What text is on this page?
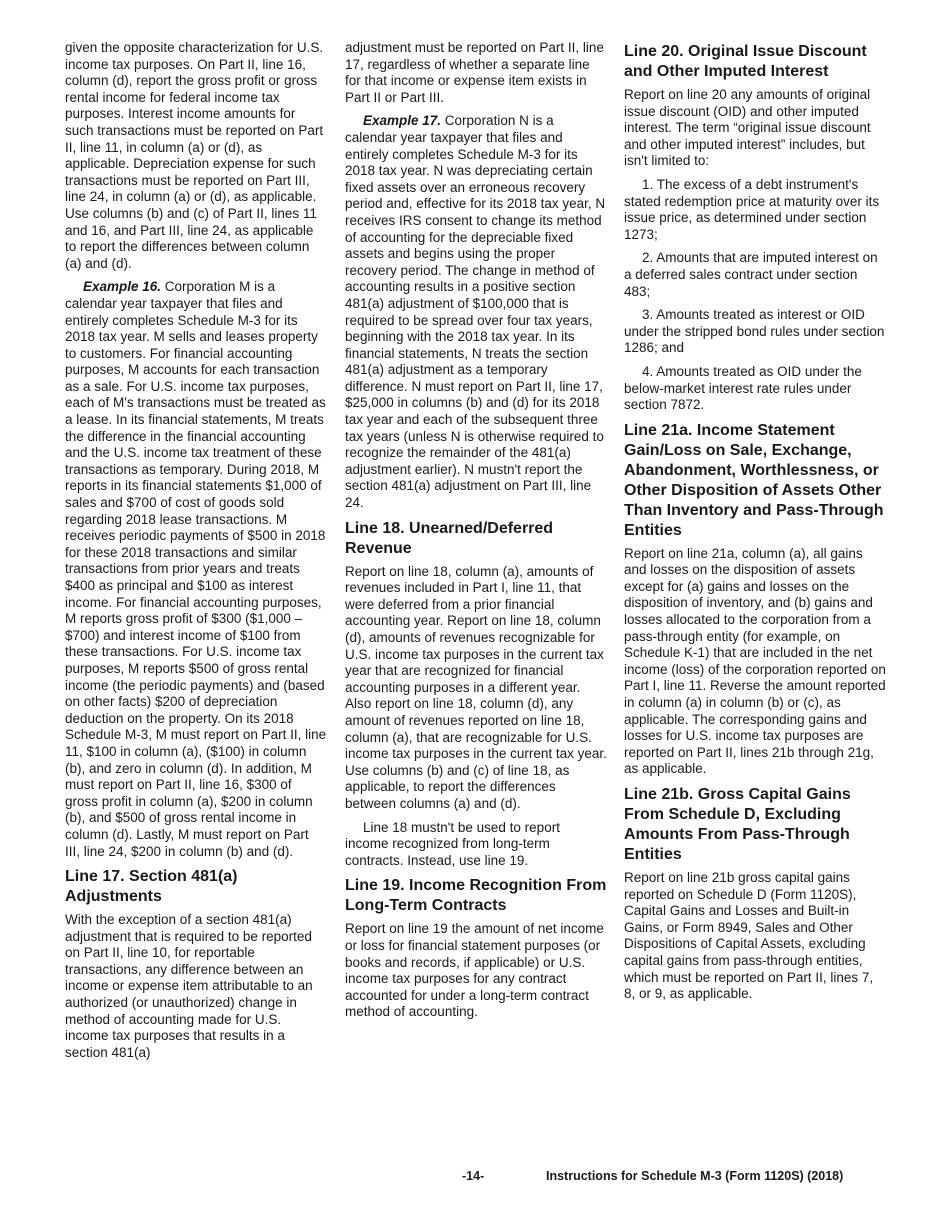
given the opposite characterization for U.S. income tax purposes. On Part II, line 16, column (d), report the gross profit or gross rental income for federal income tax purposes. Interest income amounts for such transactions must be reported on Part II, line 11, in column (a) or (d), as applicable. Depreciation expense for such transactions must be reported on Part III, line 24, in column (a) or (d), as applicable. Use columns (b) and (c) of Part II, lines 11 and 16, and Part III, line 24, as applicable to report the differences between column (a) and (d).

Example 16. Corporation M is a calendar year taxpayer that files and entirely completes Schedule M-3 for its 2018 tax year. M sells and leases property to customers. For financial accounting purposes, M accounts for each transaction as a sale. For U.S. income tax purposes, each of M's transactions must be treated as a lease. In its financial statements, M treats the difference in the financial accounting and the U.S. income tax treatment of these transactions as temporary. During 2018, M reports in its financial statements $1,000 of sales and $700 of cost of goods sold regarding 2018 lease transactions. M receives periodic payments of $500 in 2018 for these 2018 transactions and similar transactions from prior years and treats $400 as principal and $100 as interest income. For financial accounting purposes, M reports gross profit of $300 ($1,000 – $700) and interest income of $100 from these transactions. For U.S. income tax purposes, M reports $500 of gross rental income (the periodic payments) and (based on other facts) $200 of depreciation deduction on the property. On its 2018 Schedule M-3, M must report on Part II, line 11, $100 in column (a), ($100) in column (b), and zero in column (d). In addition, M must report on Part II, line 16, $300 of gross profit in column (a), $200 in column (b), and $500 of gross rental income in column (d). Lastly, M must report on Part III, line 24, $200 in column (b) and (d).

Line 17. Section 481(a) Adjustments

With the exception of a section 481(a) adjustment that is required to be reported on Part II, line 10, for reportable transactions, any difference between an income or expense item attributable to an authorized (or unauthorized) change in method of accounting made for U.S. income tax purposes that results in a section 481(a)

adjustment must be reported on Part II, line 17, regardless of whether a separate line for that income or expense item exists in Part II or Part III.

Example 17. Corporation N is a calendar year taxpayer that files and entirely completes Schedule M-3 for its 2018 tax year. N was depreciating certain fixed assets over an erroneous recovery period and, effective for its 2018 tax year, N receives IRS consent to change its method of accounting for the depreciable fixed assets and begins using the proper recovery period. The change in method of accounting results in a positive section 481(a) adjustment of $100,000 that is required to be spread over four tax years, beginning with the 2018 tax year. In its financial statements, N treats the section 481(a) adjustment as a temporary difference. N must report on Part II, line 17, $25,000 in columns (b) and (d) for its 2018 tax year and each of the subsequent three tax years (unless N is otherwise required to recognize the remainder of the 481(a) adjustment earlier). N mustn't report the section 481(a) adjustment on Part III, line 24.

Line 18. Unearned/Deferred Revenue

Report on line 18, column (a), amounts of revenues included in Part I, line 11, that were deferred from a prior financial accounting year. Report on line 18, column (d), amounts of revenues recognizable for U.S. income tax purposes in the current tax year that are recognized for financial accounting purposes in a different year. Also report on line 18, column (d), any amount of revenues reported on line 18, column (a), that are recognizable for U.S. income tax purposes in the current tax year. Use columns (b) and (c) of line 18, as applicable, to report the differences between columns (a) and (d).

Line 18 mustn't be used to report income recognized from long-term contracts. Instead, use line 19.

Line 19. Income Recognition From Long-Term Contracts

Report on line 19 the amount of net income or loss for financial statement purposes (or books and records, if applicable) or U.S. income tax purposes for any contract accounted for under a long-term contract method of accounting.

Line 20. Original Issue Discount and Other Imputed Interest

Report on line 20 any amounts of original issue discount (OID) and other imputed interest. The term “original issue discount and other imputed interest” includes, but isn't limited to:

1. The excess of a debt instrument's stated redemption price at maturity over its issue price, as determined under section 1273;

2. Amounts that are imputed interest on a deferred sales contract under section 483;

3. Amounts treated as interest or OID under the stripped bond rules under section 1286; and

4. Amounts treated as OID under the below-market interest rate rules under section 7872.

Line 21a. Income Statement Gain/Loss on Sale, Exchange, Abandonment, Worthlessness, or Other Disposition of Assets Other Than Inventory and Pass-Through Entities

Report on line 21a, column (a), all gains and losses on the disposition of assets except for (a) gains and losses on the disposition of inventory, and (b) gains and losses allocated to the corporation from a pass-through entity (for example, on Schedule K-1) that are included in the net income (loss) of the corporation reported on Part I, line 11. Reverse the amount reported in column (a) in column (b) or (c), as applicable. The corresponding gains and losses for U.S. income tax purposes are reported on Part II, lines 21b through 21g, as applicable.

Line 21b. Gross Capital Gains From Schedule D, Excluding Amounts From Pass-Through Entities

Report on line 21b gross capital gains reported on Schedule D (Form 1120S), Capital Gains and Losses and Built-in Gains, or Form 8949, Sales and Other Dispositions of Capital Assets, excluding capital gains from pass-through entities, which must be reported on Part II, lines 7, 8, or 9, as applicable.

-14-	Instructions for Schedule M-3 (Form 1120S) (2018)
